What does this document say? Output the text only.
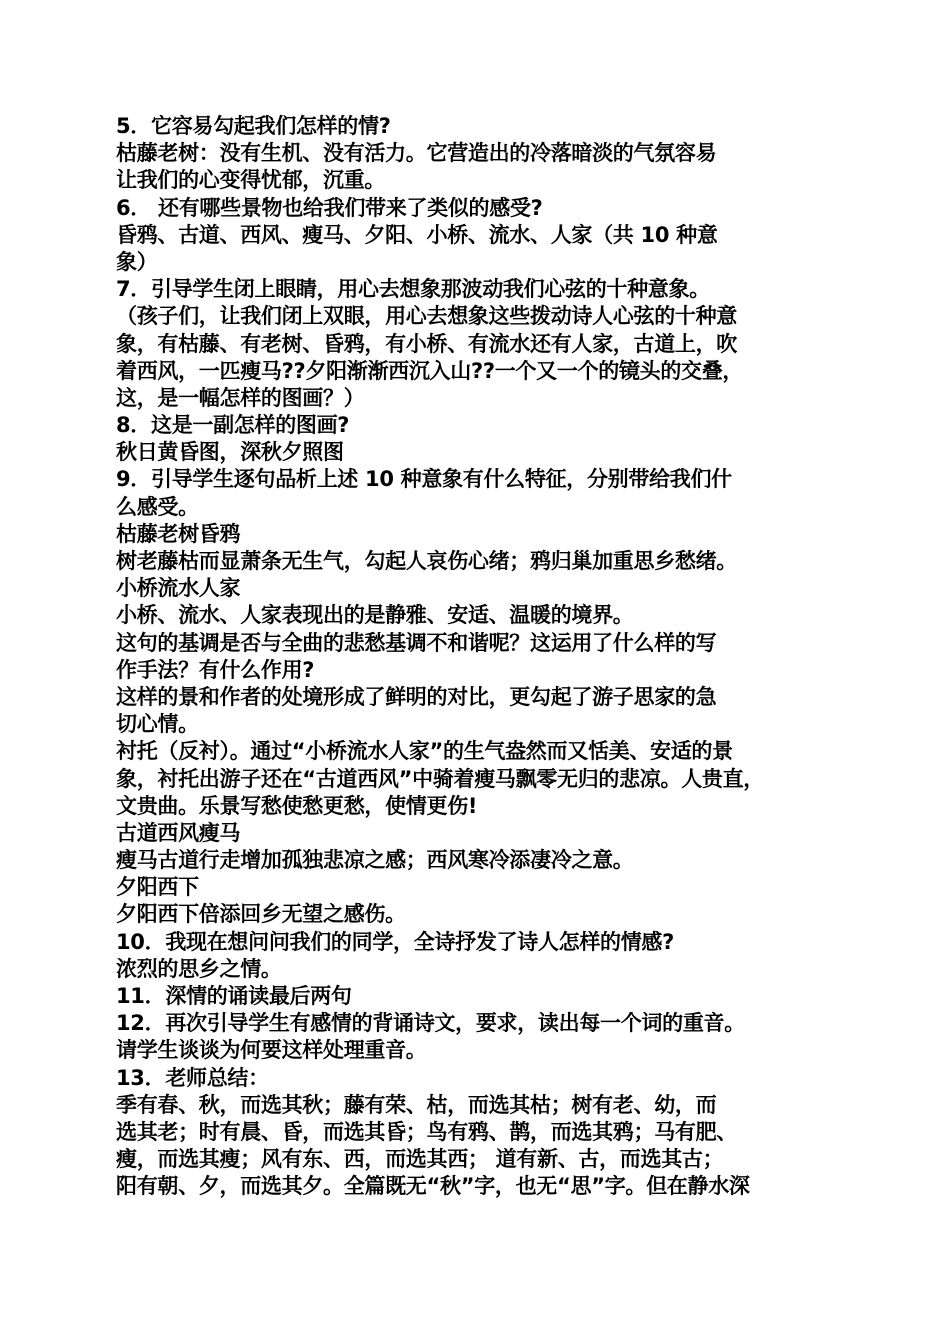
5．它容易勾起我们怎样的情?
枯藤老树：没有生机、没有活力。它营造出的冷落暗淡的气氛容易
让我们的心变得忧郁，沉重。
6． 还有哪些景物也给我们带来了类似的感受?
昏鸦、古道、西风、瘦马、夕阳、小桥、流水、人家（共 10 种意
象）
7．引导学生闭上眼睛，用心去想象那波动我们心弦的十种意象。
（孩子们，让我们闭上双眼，用心去想象这些拨动诗人心弦的十种意
象，有枯藤、有老树、昏鸦，有小桥、有流水还有人家，古道上，吹
着西风，一匹瘦马??夕阳渐渐西沉入山??一个又一个的镜头的交叠，
这，是一幅怎样的图画？）
8．这是一副怎样的图画?
秋日黄昏图，深秋夕照图
9．引导学生逐句品析上述 10 种意象有什么特征，分别带给我们什
么感受。
枯藤老树昏鸦
树老藤枯而显萧条无生气，勾起人哀伤心绪；鸦归巢加重思乡愁绪。
小桥流水人家
小桥、流水、人家表现出的是静雅、安适、温暖的境界。
这句的基调是否与全曲的悲愁基调不和谐呢？这运用了什么样的写
作手法？有什么作用?
这样的景和作者的处境形成了鲜明的对比，更勾起了游子思家的急
切心情。
衬托（反衬）。通过“小桥流水人家”的生气盎然而又恬美、安适的景
象，衬托出游子还在“古道西风”中骑着瘦马飘零无归的悲凉。人贵直，
文贵曲。乐景写愁使愁更愁，使情更伤!
古道西风瘦马
瘦马古道行走增加孤独悲凉之感；西风寒冷添凄冷之意。
夕阳西下
夕阳西下倍添回乡无望之感伤。
10．我现在想问问我们的同学，全诗抒发了诗人怎样的情感?
浓烈的思乡之情。
11．深情的诵读最后两句
12．再次引导学生有感情的背诵诗文，要求，读出每一个词的重音。
请学生谈谈为何要这样处理重音。
13．老师总结：
季有春、秋，而选其秋；藤有荣、枯，而选其枯；树有老、幼，而
选其老；时有晨、昏，而选其昏；鸟有鸦、鹊，而选其鸦；马有肥、
瘦，而选其瘦；风有东、西，而选其西； 道有新、古，而选其古；
阳有朝、夕，而选其夕。全篇既无“秋”字，也无“思”字。但在静水深
